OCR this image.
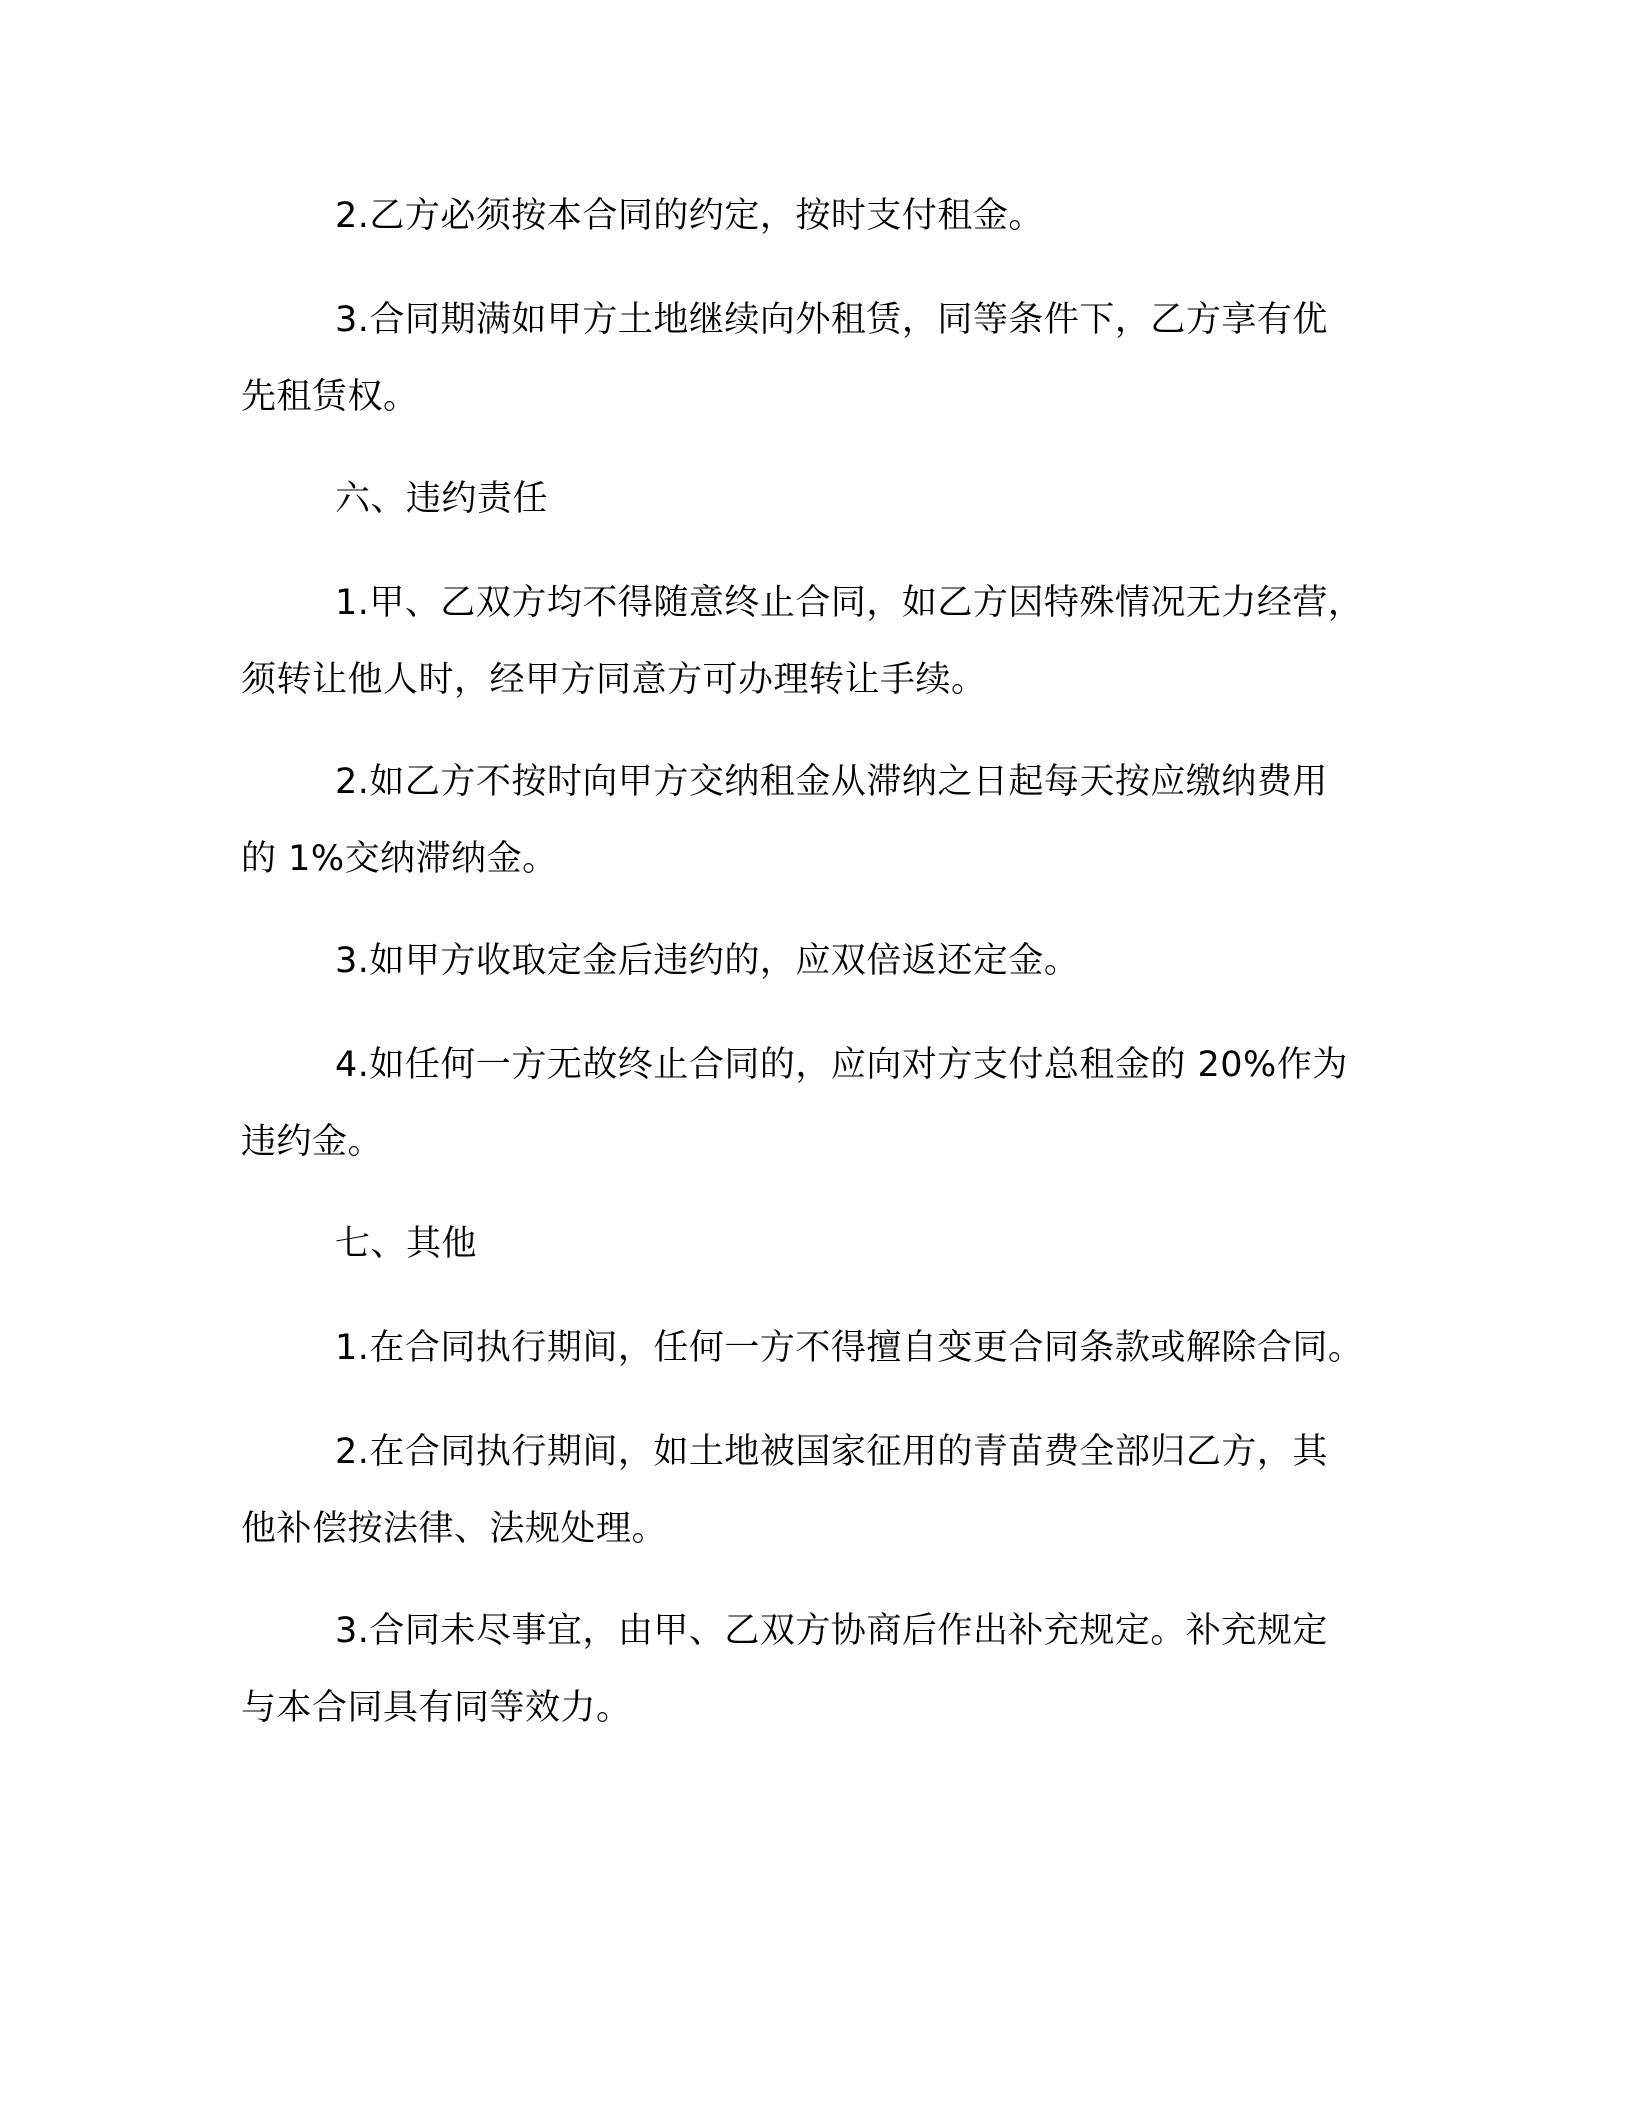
2.乙方必须按本合同的约定，按时支付租金。

3.合同期满如甲方土地继续向外租赁，同等条件下，乙方享有优
先租赁权。

六、违约责任

1.甲、乙双方均不得随意终止合同，如乙方因特殊情况无力经营，
须转让他人时，经甲方同意方可办理转让手续。

2.如乙方不按时向甲方交纳租金从滞纳之日起每天按应缴纳费用
的 1%交纳滞纳金。

3.如甲方收取定金后违约的，应双倍返还定金。

4.如任何一方无故终止合同的，应向对方支付总租金的 20%作为
违约金。

七、其他

1.在合同执行期间，任何一方不得擅自变更合同条款或解除合同。

2.在合同执行期间，如土地被国家征用的青苗费全部归乙方，其
他补偿按法律、法规处理。

3.合同未尽事宜，由甲、乙双方协商后作出补充规定。补充规定
与本合同具有同等效力。
